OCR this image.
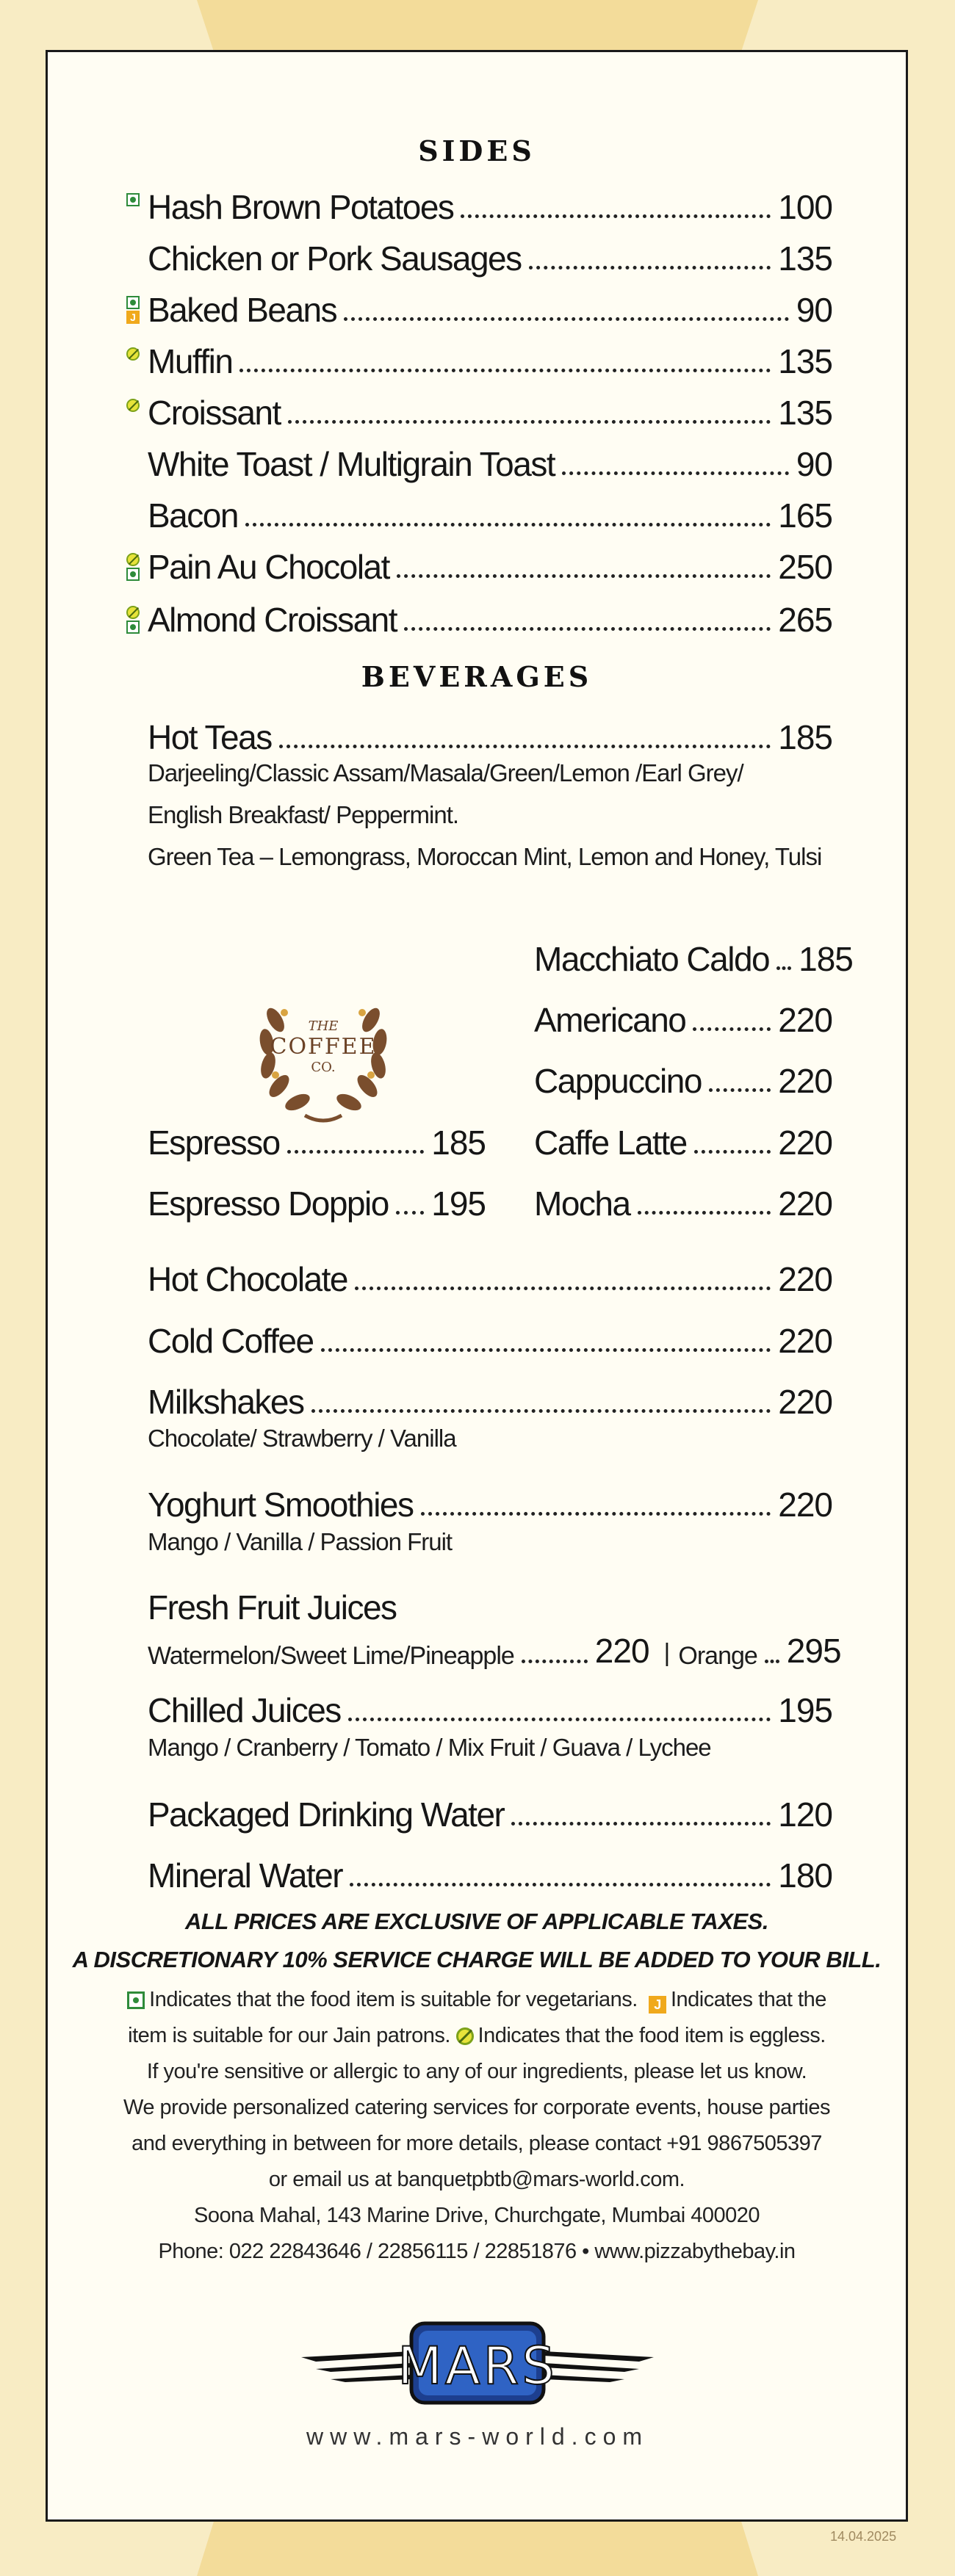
SIDES
BEVERAGES
Hot Teas	185
Darjeeling/Classic Assam/Masala/Green/Lemon /Earl Grey/
English Breakfast/ Peppermint.
Green Tea – Lemongrass, Moroccan Mint, Lemon and Honey, Tulsi
THE
COFFEE
CO.
Espresso	185
Espresso Doppio 195
Macchiato Caldo 185
Americano	220
Cappuccino 220
Caffe Latte	220
Mocha	220
Hot Chocolate	220
Cold Coffee	220
Milkshakes	220
Chocolate/ Strawberry / Vanilla
Yoghurt Smoothies	220
Mango / Vanilla / Passion Fruit
Fresh Fruit Juices
Watermelon/Sweet Lime/Pineapple 220 | Orange 295
Chilled Juices	195
Mango / Cranberry / Tomato / Mix Fruit / Guava / Lychee
Packaged Drinking Water	120
Mineral Water	180
ALL PRICES ARE EXCLUSIVE OF APPLICABLE TAXES.
A DISCRETIONARY 10% SERVICE CHARGE WILL BE ADDED TO YOUR BILL.
Indicates that the food item is suitable for vegetarians. J Indicates that the
item is suitable for our Jain patrons. Indicates that the food item is eggless.
If you're sensitive or allergic to any of our ingredients, please let us know.
We provide personalized catering services for corporate events, house parties
and everything in between for more details, please contact +91 9867505397
or email us at banquetpbtb@mars-world.com.
Soona Mahal, 143 Marine Drive, Churchgate, Mumbai 400020
Phone: 022 22843646 / 22856115 / 22851876 • www.pizzabythebay.in
Hash Brown Potatoes	100
Chicken or Pork Sausages	135
Baked Beans	90
J
Muffin	135
Croissant	135
White Toast / Multigrain Toast	90
Bacon	165
Pain Au Chocolat	250
Almond Croissant	265
MARS
www.mars-world.com
14.04.2025
